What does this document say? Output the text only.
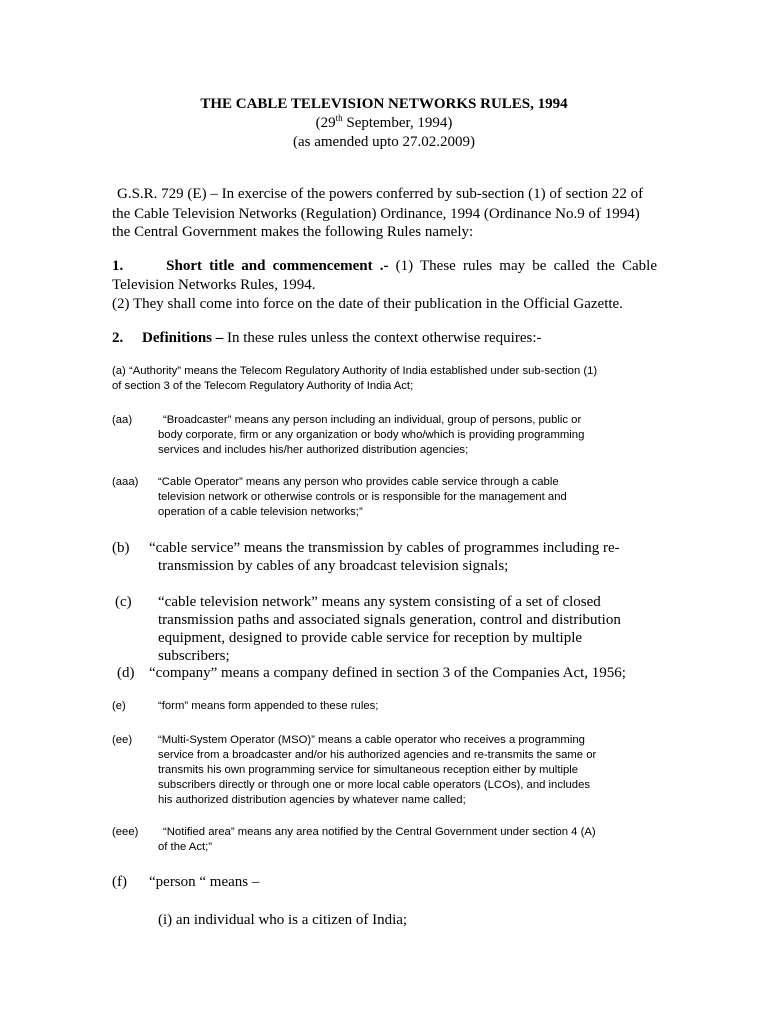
THE CABLE TELEVISION NETWORKS RULES, 1994
(29th September, 1994)
(as amended upto 27.02.2009)
G.S.R. 729 (E) – In exercise of the powers conferred by sub-section (1) of section 22 of
the Cable Television Networks (Regulation) Ordinance, 1994 (Ordinance No.9 of 1994)
the Central Government makes the following Rules namely:
1.	Short title and commencement .- (1) These rules may be called the Cable
Television Networks Rules, 1994.
(2) They shall come into force on the date of their publication in the Official Gazette.
2. Definitions – In these rules unless the context otherwise requires:-
(a) “Authority” means the Telecom Regulatory Authority of India established under sub-section (1)
of section 3 of the Telecom Regulatory Authority of India Act;
(aa)	“Broadcaster” means any person including an individual, group of persons, public or
body corporate, firm or any organization or body who/which is providing programming
services and includes his/her authorized distribution agencies;
(aaa) “Cable Operator” means any person who provides cable service through a cable
television network or otherwise controls or is responsible for the management and
operation of a cable television networks;”
(b) “cable service” means the transmission by cables of programmes including re-
transmission by cables of any broadcast television signals;
(c) “cable television network” means any system consisting of a set of closed
transmission paths and associated signals generation, control and distribution
equipment, designed to provide cable service for reception by multiple
subscribers;
(d) “company” means a company defined in section 3 of the Companies Act, 1956;
(e)	“form” means form appended to these rules;
(ee) “Multi-System Operator (MSO)” means a cable operator who receives a programming
service from a broadcaster and/or his authorized agencies and re-transmits the same or
transmits his own programming service for simultaneous reception either by multiple
subscribers directly or through one or more local cable operators (LCOs), and includes
his authorized distribution agencies by whatever name called;
(eee) “Notified area” means any area notified by the Central Government under section 4 (A)
of the Act;”
(f) “person “ means –
(i) an individual who is a citizen of India;
